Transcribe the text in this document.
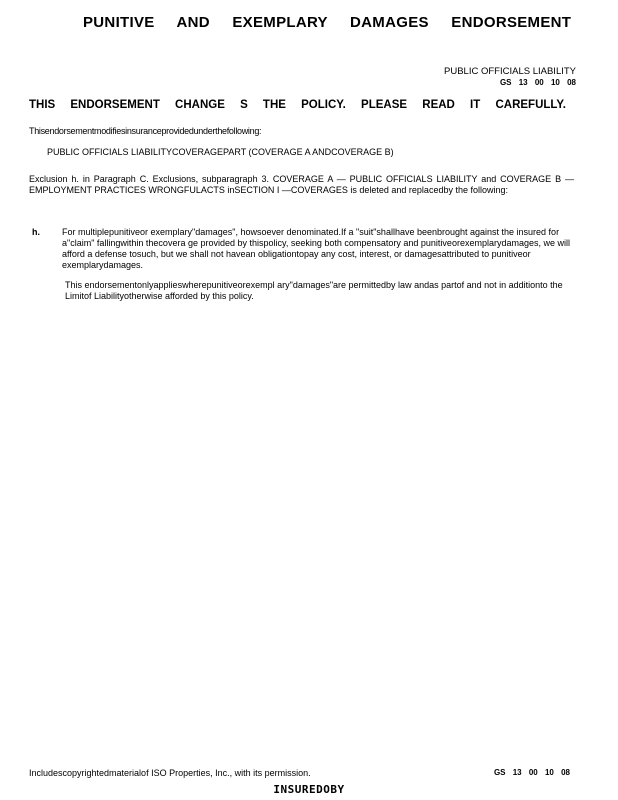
PUNITIVE AND EXEMPLARY DAMAGES ENDORSEMENT
PUBLIC OFFICIALS LIABILITY
GS 13 00 10 08
THIS ENDORSEMENT CHANGE S THE POLICY. PLEASE READ IT CAREFULLY.
Thisendorsementmodifiesinsuranceprovidedunderthefollowing:
PUBLIC OFFICIALS LIABILITYCOVERAGEPART (COVERAGE A ANDCOVERAGE B)
Exclusion h. in Paragraph C. Exclusions, subparagraph 3. COVERAGE A — PUBLIC OFFICIALS LIABILITY and COVERAGE B — EMPLOYMENT PRACTICES WRONGFULACTS inSECTION I —COVERAGES is deleted and replacedby the following:
h. For multiplepunitiveor exemplary"damages", howsoever denominated.If a "suit"shallhave beenbrought against the insured for a"claim" fallingwithin thecovera ge provided by thispolicy, seeking both compensatory and punitiveorexemplarydamages, we will afford a defense tosuch, but we shall not havean obligationtopay any cost, interest, or damagesattributed to punitiveor exemplarydamages.
This endorsementonlyapplieswherepunitiveorexempl ary"damages"are permittedby law andas partof and not in additionto the Limitof Liabilityotherwise afforded by this policy.
Includescopyrightedmaterialof ISO Properties, Inc., with its permission.	GS 13 00 10 08
INSUREDOBY
